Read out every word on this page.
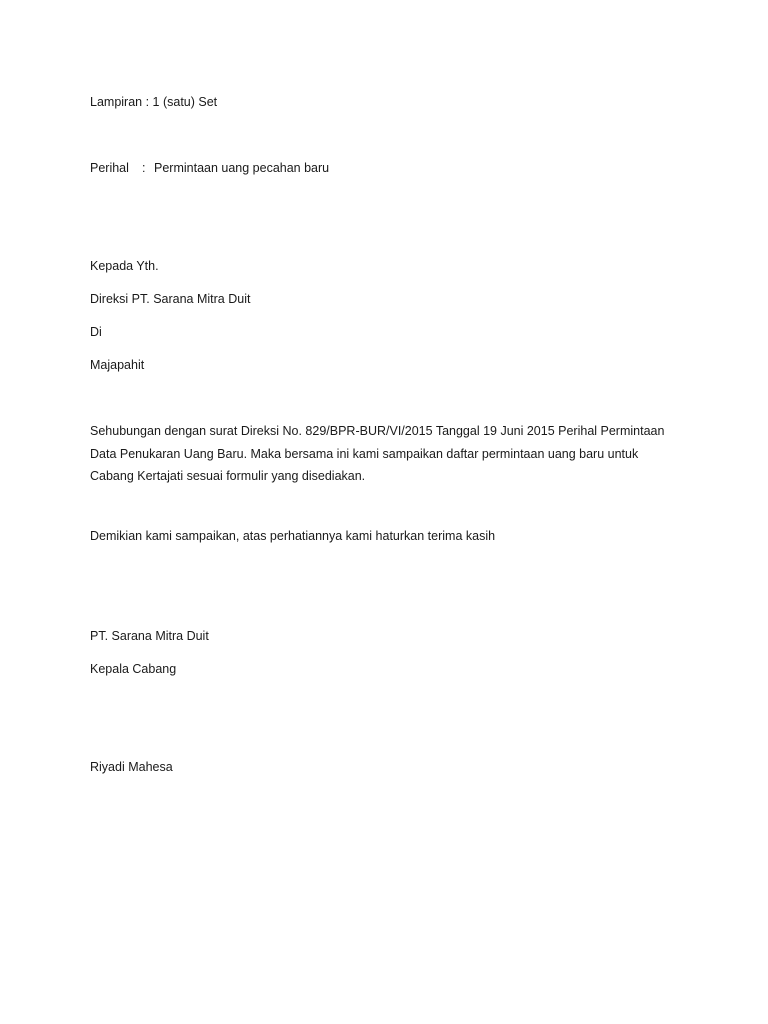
Lampiran : 1 (satu) Set
Perihal : Permintaan uang pecahan baru
Kepada Yth.
Direksi PT. Sarana Mitra Duit
Di
Majapahit
Sehubungan dengan surat Direksi No. 829/BPR-BUR/VI/2015 Tanggal 19 Juni 2015 Perihal Permintaan
Data Penukaran Uang Baru. Maka bersama ini kami sampaikan daftar permintaan uang baru untuk
Cabang Kertajati sesuai formulir yang disediakan.
Demikian kami sampaikan, atas perhatiannya kami haturkan terima kasih
PT. Sarana Mitra Duit
Kepala Cabang
Riyadi Mahesa
